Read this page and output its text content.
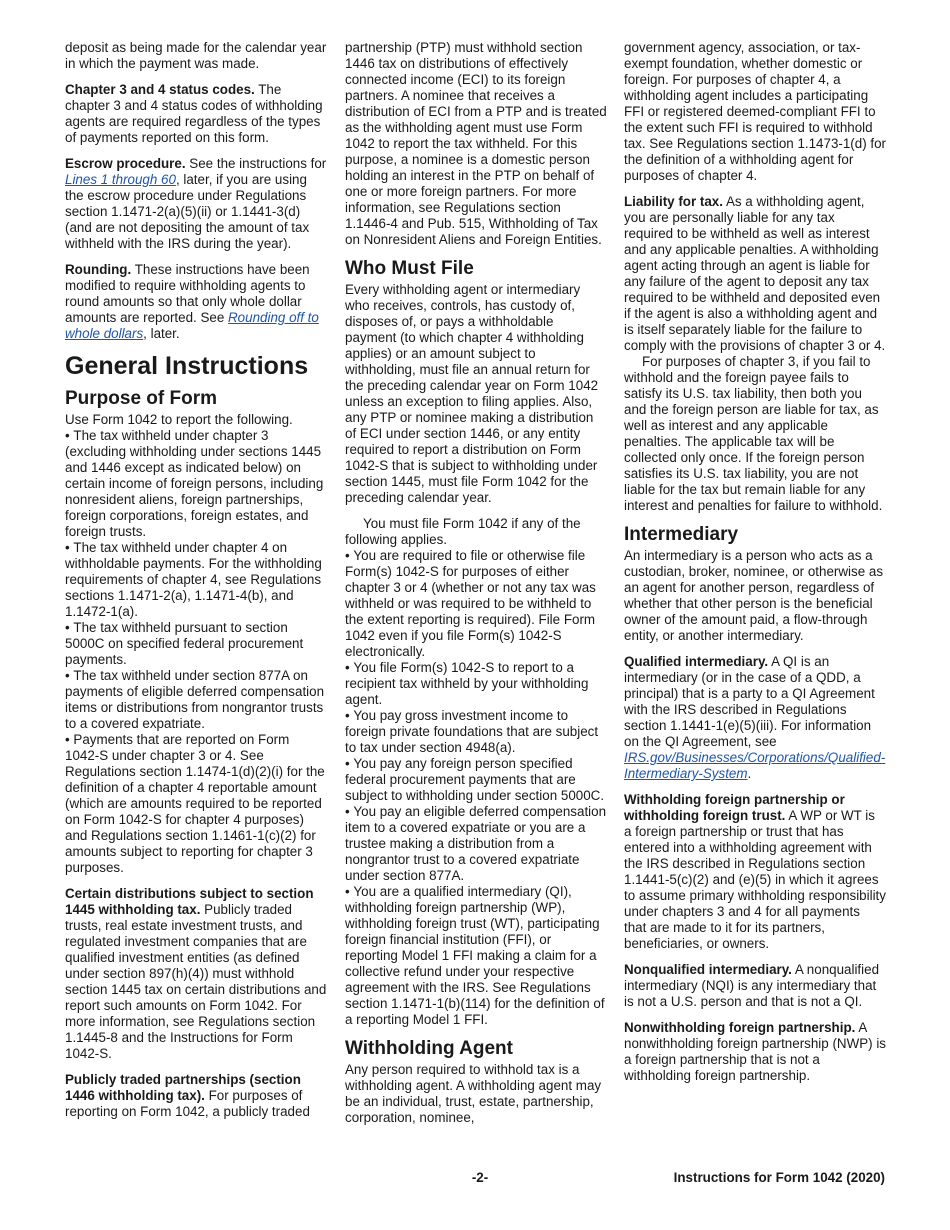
deposit as being made for the calendar year in which the payment was made.

Chapter 3 and 4 status codes. The chapter 3 and 4 status codes of withholding agents are required regardless of the types of payments reported on this form.

Escrow procedure. See the instructions for Lines 1 through 60, later, if you are using the escrow procedure under Regulations section 1.1471-2(a)(5)(ii) or 1.1441-3(d) (and are not depositing the amount of tax withheld with the IRS during the year).

Rounding. These instructions have been modified to require withholding agents to round amounts so that only whole dollar amounts are reported. See Rounding off to whole dollars, later.

General Instructions
Purpose of Form
Use Form 1042 to report the following.
• The tax withheld under chapter 3 (excluding withholding under sections 1445 and 1446 except as indicated below) on certain income of foreign persons, including nonresident aliens, foreign partnerships, foreign corporations, foreign estates, and foreign trusts.
• The tax withheld under chapter 4 on withholdable payments. For the withholding requirements of chapter 4, see Regulations sections 1.1471-2(a), 1.1471-4(b), and 1.1472-1(a).
• The tax withheld pursuant to section 5000C on specified federal procurement payments.
• The tax withheld under section 877A on payments of eligible deferred compensation items or distributions from nongrantor trusts to a covered expatriate.
• Payments that are reported on Form 1042-S under chapter 3 or 4. See Regulations section 1.1474-1(d)(2)(i) for the definition of a chapter 4 reportable amount (which are amounts required to be reported on Form 1042-S for chapter 4 purposes) and Regulations section 1.1461-1(c)(2) for amounts subject to reporting for chapter 3 purposes.

Certain distributions subject to section 1445 withholding tax. Publicly traded trusts, real estate investment trusts, and regulated investment companies that are qualified investment entities (as defined under section 897(h)(4)) must withhold section 1445 tax on certain distributions and report such amounts on Form 1042. For more information, see Regulations section 1.1445-8 and the Instructions for Form 1042-S.

Publicly traded partnerships (section 1446 withholding tax). For purposes of reporting on Form 1042, a publicly traded

partnership (PTP) must withhold section 1446 tax on distributions of effectively connected income (ECI) to its foreign partners. A nominee that receives a distribution of ECI from a PTP and is treated as the withholding agent must use Form 1042 to report the tax withheld. For this purpose, a nominee is a domestic person holding an interest in the PTP on behalf of one or more foreign partners. For more information, see Regulations section 1.1446-4 and Pub. 515, Withholding of Tax on Nonresident Aliens and Foreign Entities.

Who Must File

Every withholding agent or intermediary who receives, controls, has custody of, disposes of, or pays a withholdable payment (to which chapter 4 withholding applies) or an amount subject to withholding, must file an annual return for the preceding calendar year on Form 1042 unless an exception to filing applies. Also, any PTP or nominee making a distribution of ECI under section 1446, or any entity required to report a distribution on Form 1042-S that is subject to withholding under section 1445, must file Form 1042 for the preceding calendar year.

You must file Form 1042 if any of the following applies.
• You are required to file or otherwise file Form(s) 1042-S for purposes of either chapter 3 or 4 (whether or not any tax was withheld or was required to be withheld to the extent reporting is required). File Form 1042 even if you file Form(s) 1042-S electronically.
• You file Form(s) 1042-S to report to a recipient tax withheld by your withholding agent.
• You pay gross investment income to foreign private foundations that are subject to tax under section 4948(a).
• You pay any foreign person specified federal procurement payments that are subject to withholding under section 5000C.
• You pay an eligible deferred compensation item to a covered expatriate or you are a trustee making a distribution from a nongrantor trust to a covered expatriate under section 877A.
• You are a qualified intermediary (QI), withholding foreign partnership (WP), withholding foreign trust (WT), participating foreign financial institution (FFI), or reporting Model 1 FFI making a claim for a collective refund under your respective agreement with the IRS. See Regulations section 1.1471-1(b)(114) for the definition of a reporting Model 1 FFI.
Withholding Agent

Any person required to withhold tax is a withholding agent. A withholding agent may be an individual, trust, estate, partnership, corporation, nominee,

government agency, association, or tax-exempt foundation, whether domestic or foreign. For purposes of chapter 4, a withholding agent includes a participating FFI or registered deemed-compliant FFI to the extent such FFI is required to withhold tax. See Regulations section 1.1473-1(d) for the definition of a withholding agent for purposes of chapter 4.

Liability for tax. As a withholding agent, you are personally liable for any tax required to be withheld as well as interest and any applicable penalties. A withholding agent acting through an agent is liable for any failure of the agent to deposit any tax required to be withheld and deposited even if the agent is also a withholding agent and is itself separately liable for the failure to comply with the provisions of chapter 3 or 4.

For purposes of chapter 3, if you fail to withhold and the foreign payee fails to satisfy its U.S. tax liability, then both you and the foreign person are liable for tax, as well as interest and any applicable penalties. The applicable tax will be collected only once. If the foreign person satisfies its U.S. tax liability, you are not liable for the tax but remain liable for any interest and penalties for failure to withhold.

Intermediary

An intermediary is a person who acts as a custodian, broker, nominee, or otherwise as an agent for another person, regardless of whether that other person is the beneficial owner of the amount paid, a flow-through entity, or another intermediary.

Qualified intermediary. A QI is an intermediary (or in the case of a QDD, a principal) that is a party to a QI Agreement with the IRS described in Regulations section 1.1441-1(e)(5)(iii). For information on the QI Agreement, see IRS.gov/Businesses/Corporations/Qualified-Intermediary-System.

Withholding foreign partnership or withholding foreign trust. A WP or WT is a foreign partnership or trust that has entered into a withholding agreement with the IRS described in Regulations section 1.1441-5(c)(2) and (e)(5) in which it agrees to assume primary withholding responsibility under chapters 3 and 4 for all payments that are made to it for its partners, beneficiaries, or owners.

Nonqualified intermediary. A nonqualified intermediary (NQI) is any intermediary that is not a U.S. person and that is not a QI.

Nonwithholding foreign partnership. A nonwithholding foreign partnership (NWP) is a foreign partnership that is not a withholding foreign partnership.

-2-	Instructions for Form 1042 (2020)
